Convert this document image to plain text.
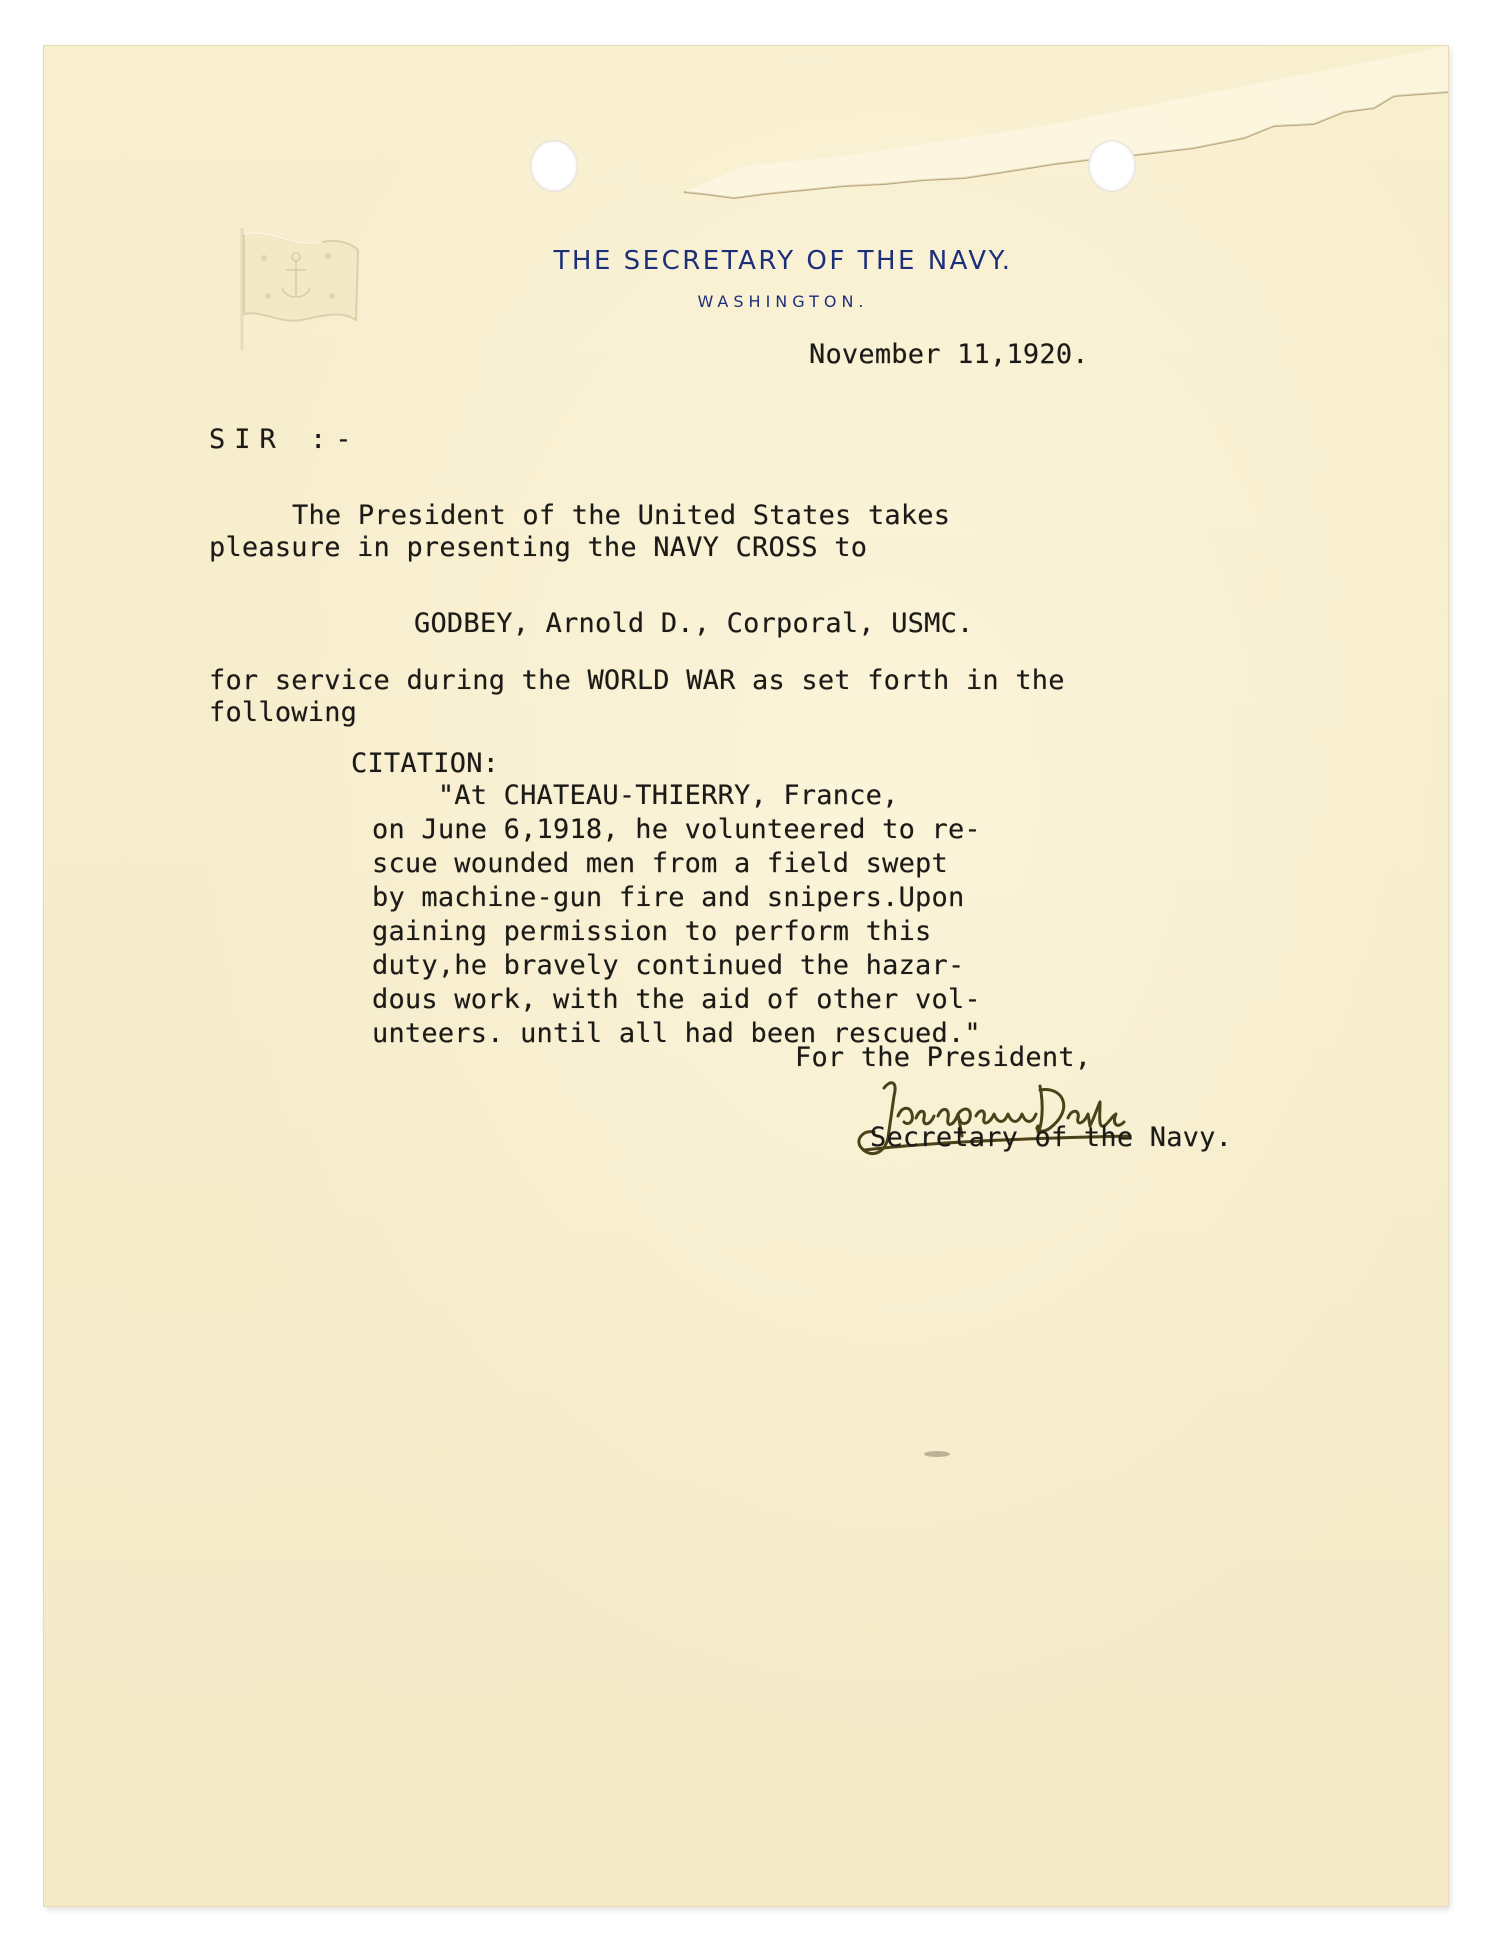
THE SECRETARY OF THE NAVY.
WASHINGTON.
November 11,1920.
SIR :-
The President of the United States takes
pleasure in presenting the NAVY CROSS to
GODBEY, Arnold D., Corporal, USMC.
for service during the WORLD WAR as set forth in the
following
CITATION:
"At CHATEAU-THIERRY, France,
on June 6,1918, he volunteered to re-
scue wounded men from a field swept
by machine-gun fire and snipers.Upon
gaining permission to perform this
duty,he bravely continued the hazar-
dous work, with the aid of other vol-
unteers. until all had been rescued."
For the President,
Secretary of the Navy.
